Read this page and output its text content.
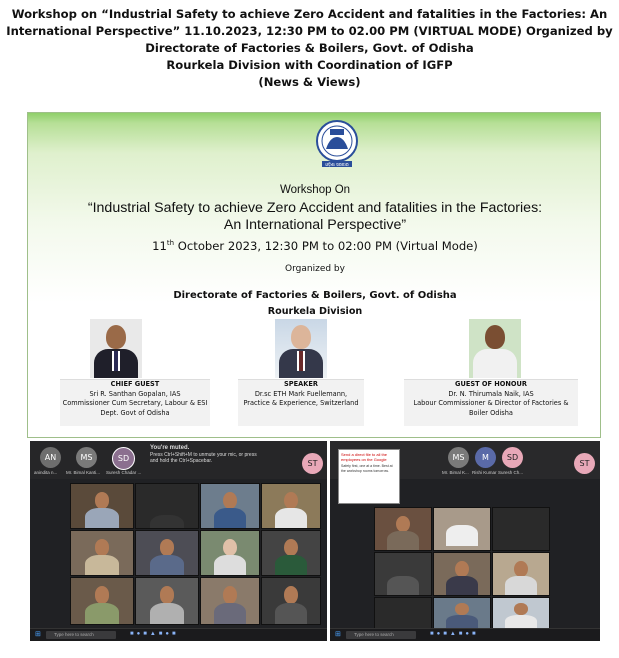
Workshop on “Industrial Safety to achieve Zero Accident and fatalities in the Factories: An
International Perspective” 11.10.2023, 12:30 PM to 02.00 PM (VIRTUAL MODE) Organized by
Directorate of Factories & Boilers, Govt. of Odisha
Rourkela Division with Coordination of IGFP
(News & Views)
ଓଡ଼ିଶା ସରକାର
Workshop On
“Industrial Safety to achieve Zero Accident and fatalities in the Factories:
An International Perspective”
11th October 2023, 12:30 PM to 02:00 PM (Virtual Mode)
Organized by
Directorate of Factories & Boilers, Govt. of Odisha
Rourkela Division
CHIEF GUEST
Sri R. Santhan Gopalan, IAS
Commissioner Cum Secretary, Labour & ESI
Dept. Govt of Odisha
SPEAKER
Dr.sc ETH Mark Fuellemann,
Practice & Experience, Switzerland
GUEST OF HONOUR
Dr. N. Thirumala Naik, IAS
Labour Commissioner & Director of Factories &
Boiler Odisha
AN
anindita n...
MS
Mr. Bimal Kanti...
SD
Suresh Chadar ...
You're muted.
Press Ctrl+Shift+M to unmute your mic, or press and hold the Ctrl+Spacebar.	ST
⊞	Type here to search	■●■▲■●■
Send a direct file to all the employees on the Google
Safety first, one at a time. Best at the workshop rooms tomorrow.
MS
Mr. Bimal K...
M
Rishi Kumar
SD
Suresh Ch...
ST
⊞	Type here to search	■●■▲■●■
